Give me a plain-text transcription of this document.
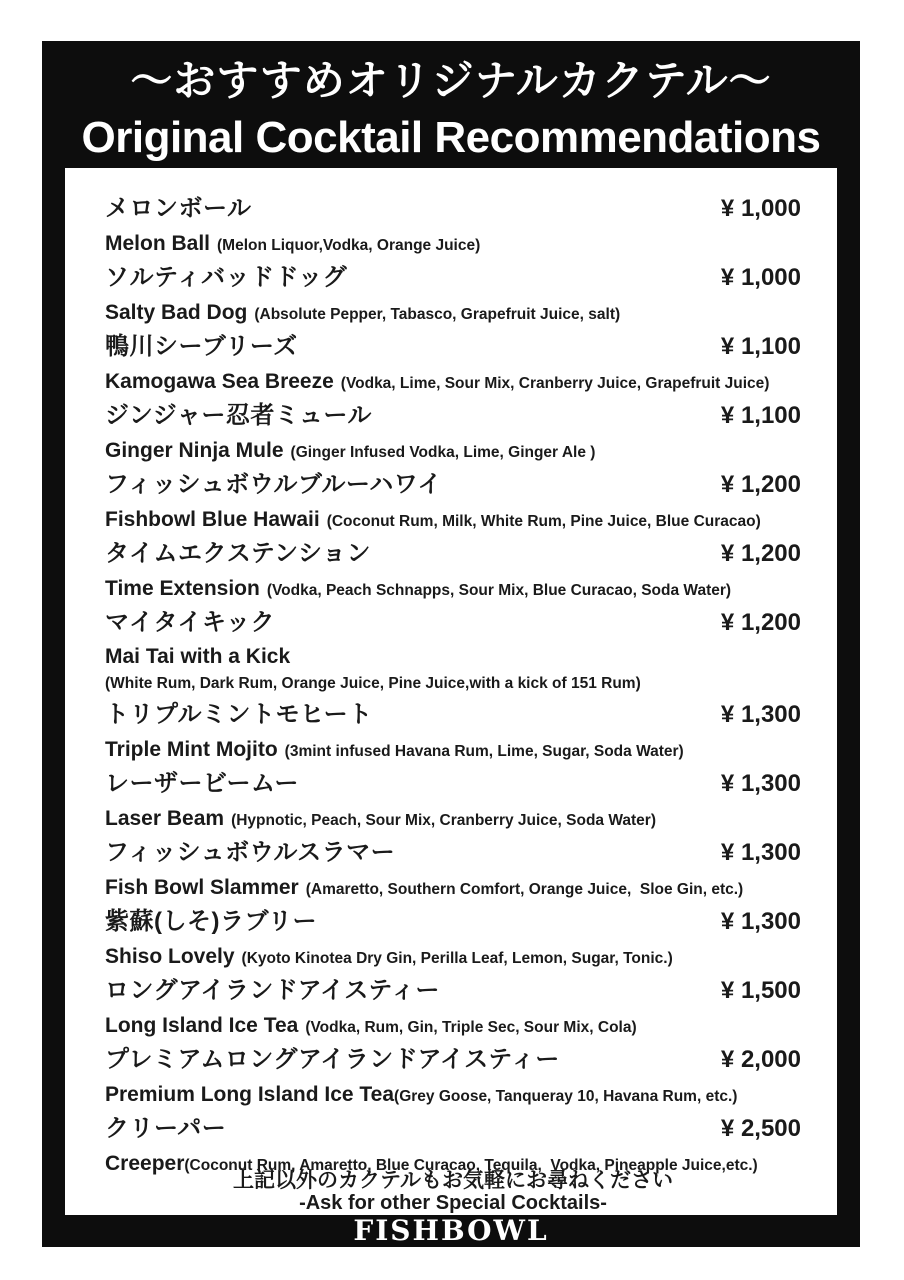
〜おすすめオリジナルカクテル〜
Original Cocktail Recommendations
メロンボール	¥ 1,000
Melon Ball (Melon Liquor,Vodka, Orange Juice)
ソルティバッドドッグ	¥ 1,000
Salty Bad Dog (Absolute Pepper, Tabasco, Grapefruit Juice, salt)
鴨川シーブリーズ	¥ 1,100
Kamogawa Sea Breeze (Vodka, Lime, Sour Mix, Cranberry Juice, Grapefruit Juice)
ジンジャー忍者ミュール	¥ 1,100
Ginger Ninja Mule (Ginger Infused Vodka, Lime, Ginger Ale )
フィッシュボウルブルーハワイ	¥ 1,200
Fishbowl Blue Hawaii (Coconut Rum, Milk, White Rum, Pine Juice, Blue Curacao)
タイムエクステンション	¥ 1,200
Time Extension (Vodka, Peach Schnapps, Sour Mix, Blue Curacao, Soda Water)
マイタイキック	¥ 1,200
Mai Tai with a Kick
(White Rum, Dark Rum, Orange Juice, Pine Juice,with a kick of 151 Rum)
トリプルミントモヒート	¥ 1,300
Triple Mint Mojito (3mint infused Havana Rum, Lime, Sugar, Soda Water)
レーザービームー	¥ 1,300
Laser Beam (Hypnotic, Peach, Sour Mix, Cranberry Juice, Soda Water)
フィッシュボウルスラマー	¥ 1,300
Fish Bowl Slammer (Amaretto, Southern Comfort, Orange Juice,  Sloe Gin, etc.)
紫蘇(しそ)ラブリー	¥ 1,300
Shiso Lovely (Kyoto Kinotea Dry Gin, Perilla Leaf, Lemon, Sugar, Tonic.)
ロングアイランドアイスティー	¥ 1,500
Long Island Ice Tea (Vodka, Rum, Gin, Triple Sec, Sour Mix, Cola)
プレミアムロングアイランドアイスティー	¥ 2,000
Premium Long Island Ice Tea(Grey Goose, Tanqueray 10, Havana Rum, etc.)
クリーパー	¥ 2,500
Creeper(Coconut Rum, Amaretto, Blue Curacao, Tequila,  Vodka, Pineapple Juice,etc.)
上記以外のカクテルもお気軽にお尋ねください
-Ask for other Special Cocktails-
FISHBOWL
